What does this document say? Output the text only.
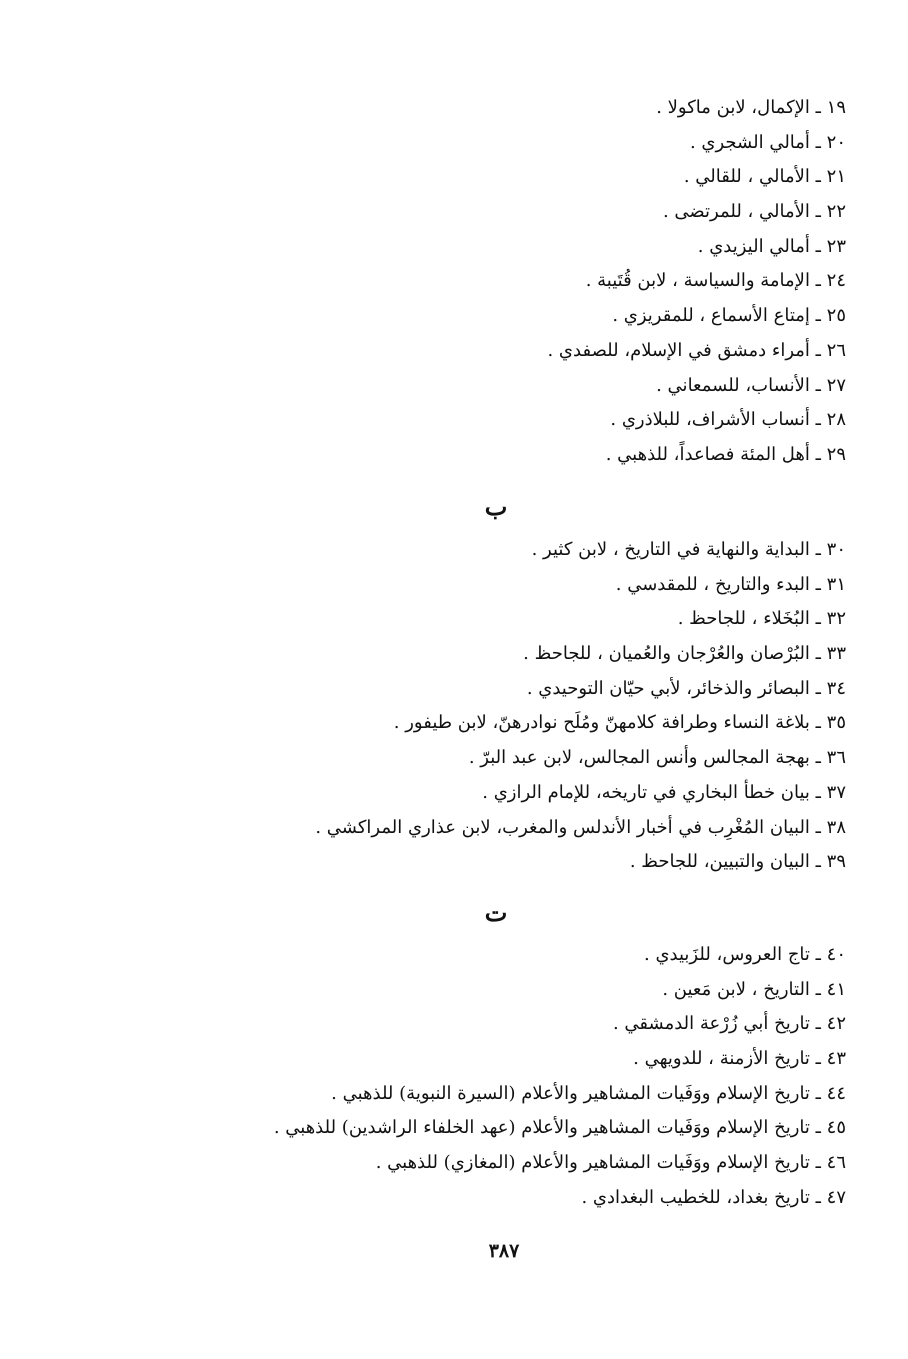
١٩ ـ الإكمال، لابن ماكولا .
٢٠ ـ أمالي الشجري .
٢١ ـ الأمالي ، للقالي .
٢٢ ـ الأمالي ، للمرتضى .
٢٣ ـ أمالي اليزيدي .
٢٤ ـ الإمامة والسياسة ، لابن قُتَيبة .
٢٥ ـ إمتاع الأسماع ، للمقريزي .
٢٦ ـ أمراء دمشق في الإسلام، للصفدي .
٢٧ ـ الأنساب، للسمعاني .
٢٨ ـ أنساب الأشراف، للبلاذري .
٢٩ ـ أهل المئة فصاعداً، للذهبي .
ب
٣٠ ـ البداية والنهاية في التاريخ ، لابن كثير .
٣١ ـ البدء والتاريخ ، للمقدسي .
٣٢ ـ البُخَلاء ، للجاحظ .
٣٣ ـ البُرْصان والعُرْجان والعُميان ، للجاحظ .
٣٤ ـ البصائر والذخائر، لأبي حيّان التوحيدي .
٣٥ ـ بلاغة النساء وطرافة كلامهنّ ومُلَح نوادرهنّ، لابن طيفور .
٣٦ ـ بهجة المجالس وأنس المجالس، لابن عبد البرّ .
٣٧ ـ بيان خطأ البخاري في تاريخه، للإمام الرازي .
٣٨ ـ البيان المُغْرِب في أخبار الأندلس والمغرب، لابن عذاري المراكشي .
٣٩ ـ البيان والتبيين، للجاحظ .
ت
٤٠ ـ تاج العروس، للزَبيدي .
٤١ ـ التاريخ ، لابن مَعين .
٤٢ ـ تاريخ أبي زُرْعة الدمشقي .
٤٣ ـ تاريخ الأزمنة ، للدويهي .
٤٤ ـ تاريخ الإسلام ووَفَيات المشاهير والأعلام (السيرة النبوية) للذهبي .
٤٥ ـ تاريخ الإسلام ووَفَيات المشاهير والأعلام (عهد الخلفاء الراشدين) للذهبي .
٤٦ ـ تاريخ الإسلام ووَفَيات المشاهير والأعلام (المغازي) للذهبي .
٤٧ ـ تاريخ بغداد، للخطيب البغدادي .
٣٨٧
